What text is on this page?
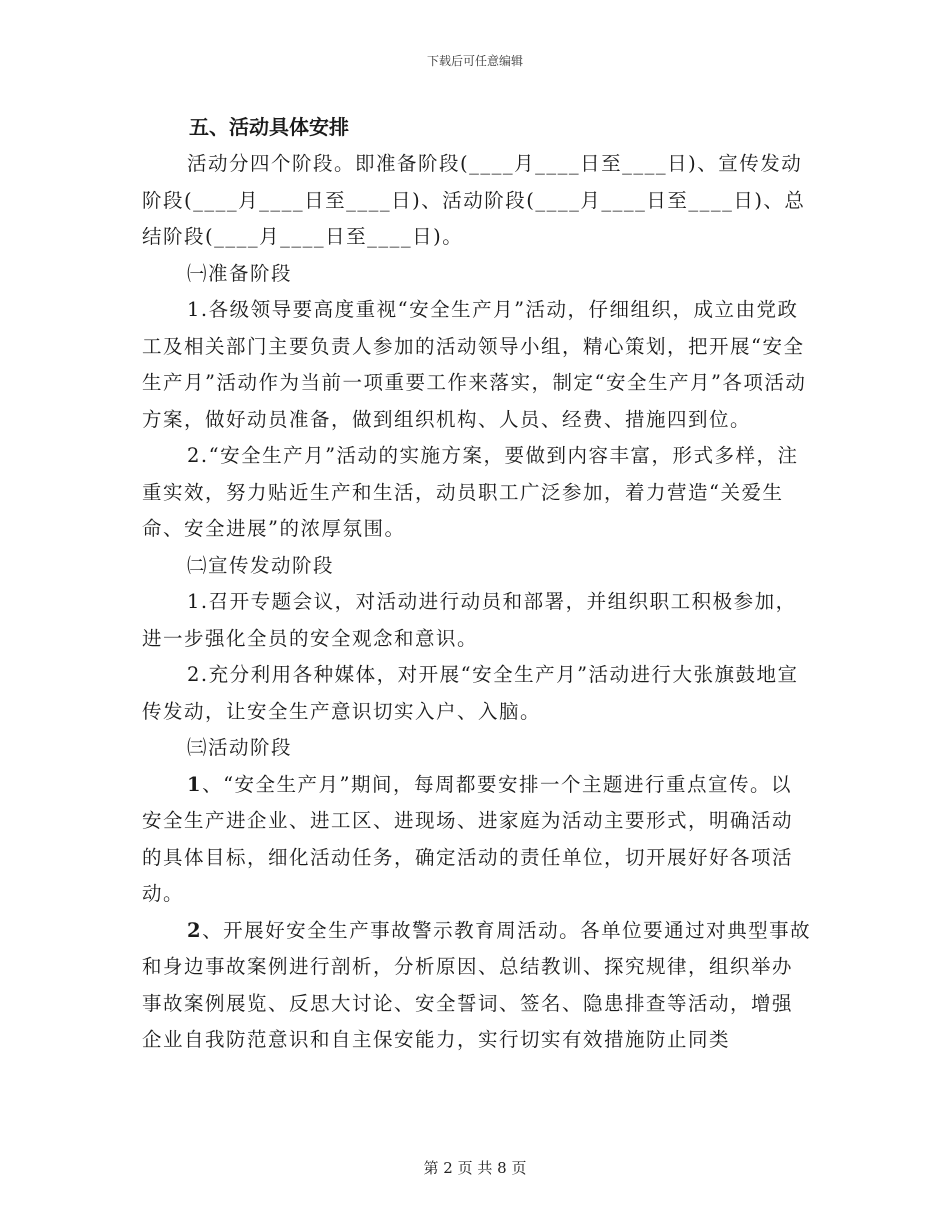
下载后可任意编辑
五、活动具体安排

活动分四个阶段。即准备阶段(____月____日至____日)、宣传发动阶段(____月____日至____日)、活动阶段(____月____日至____日)、总结阶段(____月____日至____日)。

㈠准备阶段

1.各级领导要高度重视“安全生产月”活动，仔细组织，成立由党政工及相关部门主要负责人参加的活动领导小组，精心策划，把开展“安全生产月”活动作为当前一项重要工作来落实，制定“安全生产月”各项活动方案，做好动员准备，做到组织机构、人员、经费、措施四到位。

2.“安全生产月”活动的实施方案，要做到内容丰富，形式多样，注重实效，努力贴近生产和生活，动员职工广泛参加，着力营造“关爱生命、安全进展”的浓厚氛围。

㈡宣传发动阶段

1.召开专题会议，对活动进行动员和部署，并组织职工积极参加，进一步强化全员的安全观念和意识。

2.充分利用各种媒体，对开展“安全生产月”活动进行大张旗鼓地宣传发动，让安全生产意识切实入户、入脑。

㈢活动阶段

1、“安全生产月”期间，每周都要安排一个主题进行重点宣传。以安全生产进企业、进工区、进现场、进家庭为活动主要形式，明确活动的具体目标，细化活动任务，确定活动的责任单位，切开展好好各项活动。

2、开展好安全生产事故警示教育周活动。各单位要通过对典型事故和身边事故案例进行剖析，分析原因、总结教训、探究规律，组织举办事故案例展览、反思大讨论、安全誓词、签名、隐患排查等活动，增强企业自我防范意识和自主保安能力，实行切实有效措施防止同类

第 2 页 共 8 页
